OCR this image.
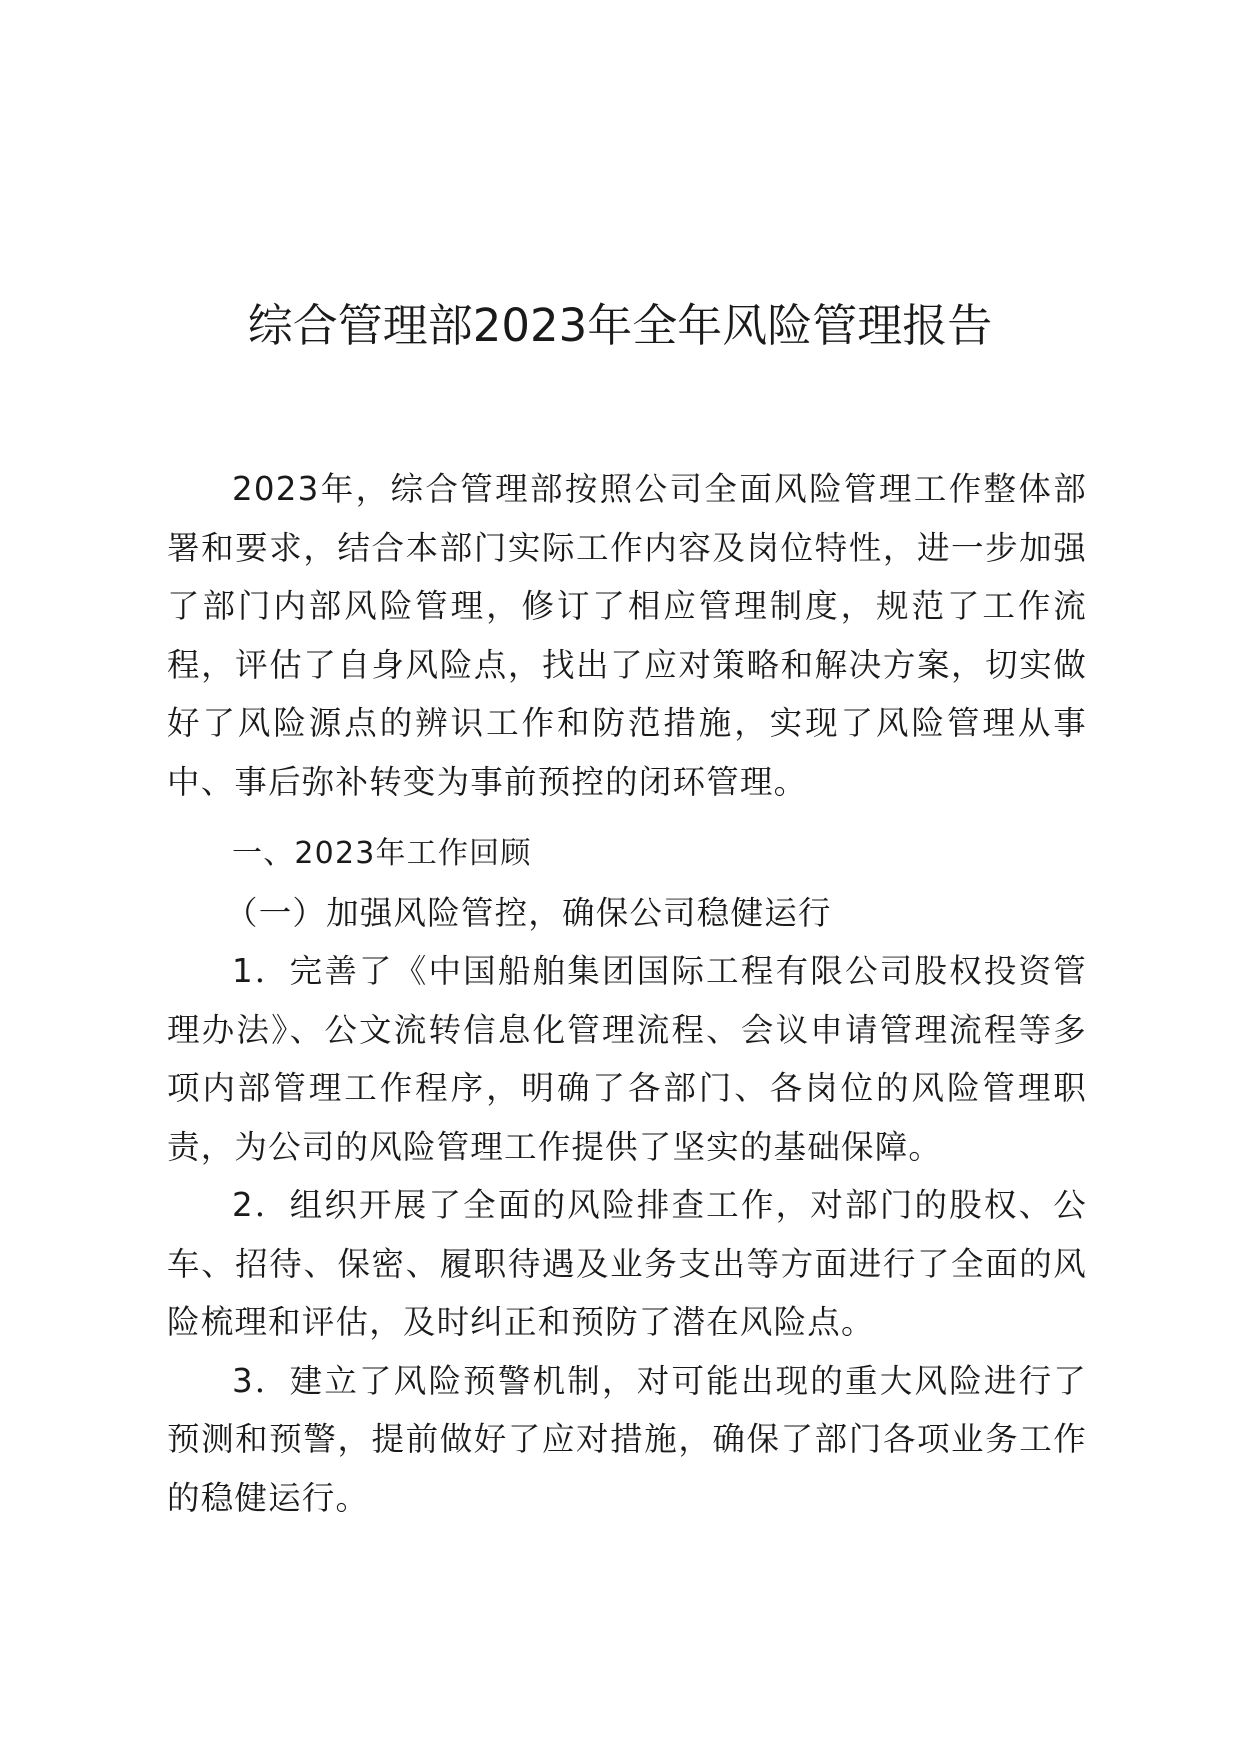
综合管理部2023年全年风险管理报告

2023年，综合管理部按照公司全面风险管理工作整体部署和要求，结合本部门实际工作内容及岗位特性，进一步加强了部门内部风险管理，修订了相应管理制度，规范了工作流程，评估了自身风险点，找出了应对策略和解决方案，切实做好了风险源点的辨识工作和防范措施，实现了风险管理从事中、事后弥补转变为事前预控的闭环管理。

一、2023年工作回顾

（一）加强风险管控，确保公司稳健运行

1．完善了《中国船舶集团国际工程有限公司股权投资管理办法》、公文流转信息化管理流程、会议申请管理流程等多项内部管理工作程序，明确了各部门、各岗位的风险管理职责，为公司的风险管理工作提供了坚实的基础保障。

2．组织开展了全面的风险排查工作，对部门的股权、公车、招待、保密、履职待遇及业务支出等方面进行了全面的风险梳理和评估，及时纠正和预防了潜在风险点。

3．建立了风险预警机制，对可能出现的重大风险进行了预测和预警，提前做好了应对措施，确保了部门各项业务工作的稳健运行。
